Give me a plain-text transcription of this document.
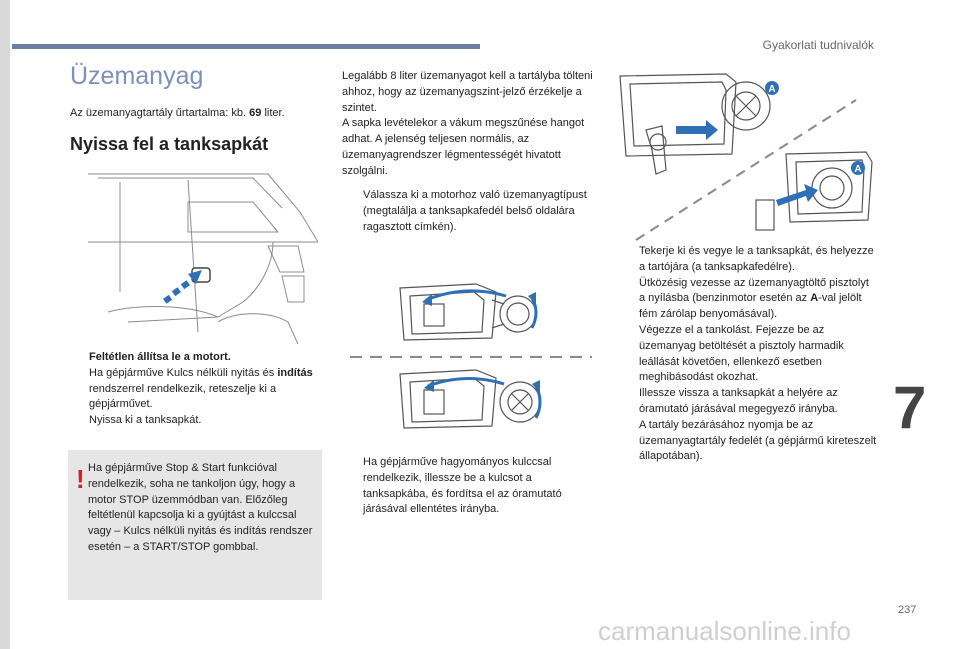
Gyakorlati tudnivalók
7
237
carmanualsonline.info
Üzemanyag
Az üzemanyagtartály űrtartalma: kb. 69 liter.
Nyissa fel a tanksapkát
Feltétlen állítsa le a motort.
Ha gépjárműve Kulcs nélküli nyitás és indítás rendszerrel rendelkezik, reteszelje ki a gépjárművet.
Nyissa ki a tanksapkát.
! Ha gépjárműve Stop & Start funkcióval rendelkezik, soha ne tankoljon úgy, hogy a motor STOP üzemmódban van. Előzőleg feltétlenül kapcsolja ki a gyújtást a kulccsal vagy – Kulcs nélküli nyitás és indítás rendszer esetén – a START/STOP gombbal.
Legalább 8 liter üzemanyagot kell a tartályba tölteni ahhoz, hogy az üzemanyagszint-jelző érzékelje a szintet.
A sapka levételekor a vákum megszűnése hangot adhat. A jelenség teljesen normális, az üzemanyagrendszer légmentességét hivatott szolgálni.
Válassza ki a motorhoz való üzemanyagtípust (megtalálja a tanksapkafedél belső oldalára ragasztott címkén).
Ha gépjárműve hagyományos kulccsal rendelkezik, illessze be a kulcsot a tanksapkába, és fordítsa el az óramutató járásával ellentétes irányba.
A
A
Tekerje ki és vegye le a tanksapkát, és helyezze a tartójára (a tanksapkafedélre).
Ütközésig vezesse az üzemanyagtöltő pisztolyt a nyílásba (benzinmotor esetén az A-val jelölt fém zárólap benyomásával).
Végezze el a tankolást. Fejezze be az üzemanyag betöltését a pisztoly harmadik leállását követően, ellenkező esetben meghibásodást okozhat.
Illessze vissza a tanksapkát a helyére az óramutató járásával megegyező irányba.
A tartály bezárásához nyomja be az üzemanyagtartály fedelét (a gépjármű kireteszelt állapotában).
